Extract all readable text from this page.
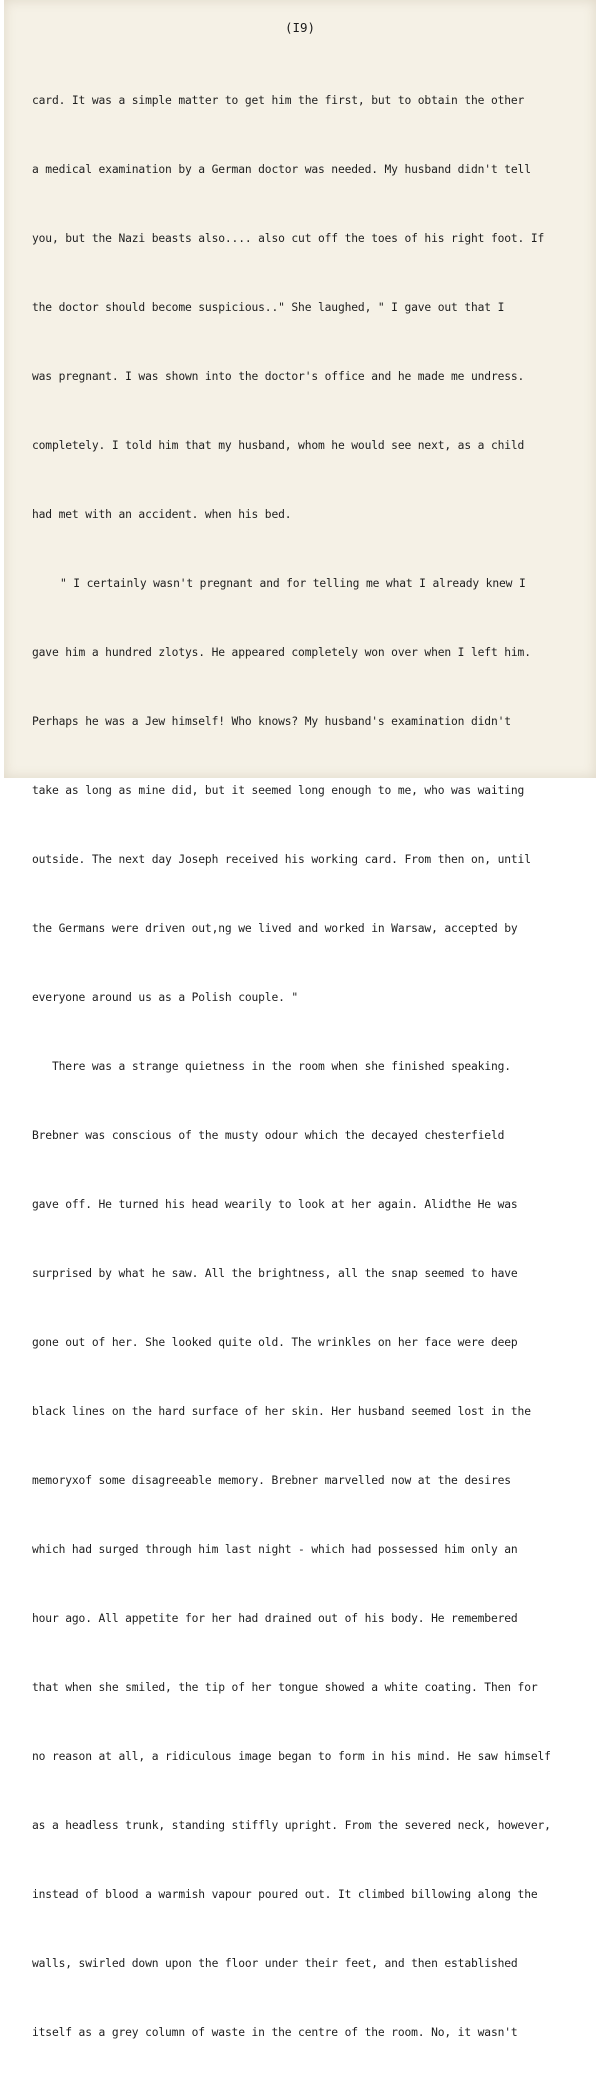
(I9)

card. It was a simple matter to get him the first, but to obtain the other

a medical examination by a German doctor was needed. My husband didn't tell

you, but the Nazi beasts also.... also cut off the toes of his right foot. If

the doctor should become suspicious.." She laughed, " I gave out that I

was pregnant. I was shown into the doctor's office and he made me undress.

completely. I told him that my husband, whom he would see next, as a child

had met with an accident. when his bed.

" I certainly wasn't pregnant and for telling me what I already knew I

gave him a hundred zlotys. He appeared completely won over when I left him.

Perhaps he was a Jew himself! Who knows? My husband's examination didn't

take as long as mine did, but it seemed long enough to me, who was waiting

outside. The next day Joseph received his working card. From then on, until

the Germans were driven out,ng we lived and worked in Warsaw, accepted by

everyone around us as a Polish couple. "

There was a strange quietness in the room when she finished speaking.

Brebner was conscious of the musty odour which the decayed chesterfield

gave off. He turned his head wearily to look at her again. Alidthe He was

surprised by what he saw. All the brightness, all the snap seemed to have

gone out of her. She looked quite old. The wrinkles on her face were deep

black lines on the hard surface of her skin. Her husband seemed lost in the

memoryxof some disagreeable memory. Brebner marvelled now at the desires

which had surged through him last night - which had possessed him only an

hour ago. All appetite for her had drained out of his body. He remembered

that when she smiled, the tip of her tongue showed a white coating. Then for

no reason at all, a ridiculous image began to form in his mind. He saw himself

as a headless trunk, standing stiffly upright. From the severed neck, however,

instead of blood a warmish vapour poured out. It climbed billowing along the

walls, swirled down upon the floor under their feet, and then established

itself as a grey column of waste in the centre of the room. No, it wasn't
